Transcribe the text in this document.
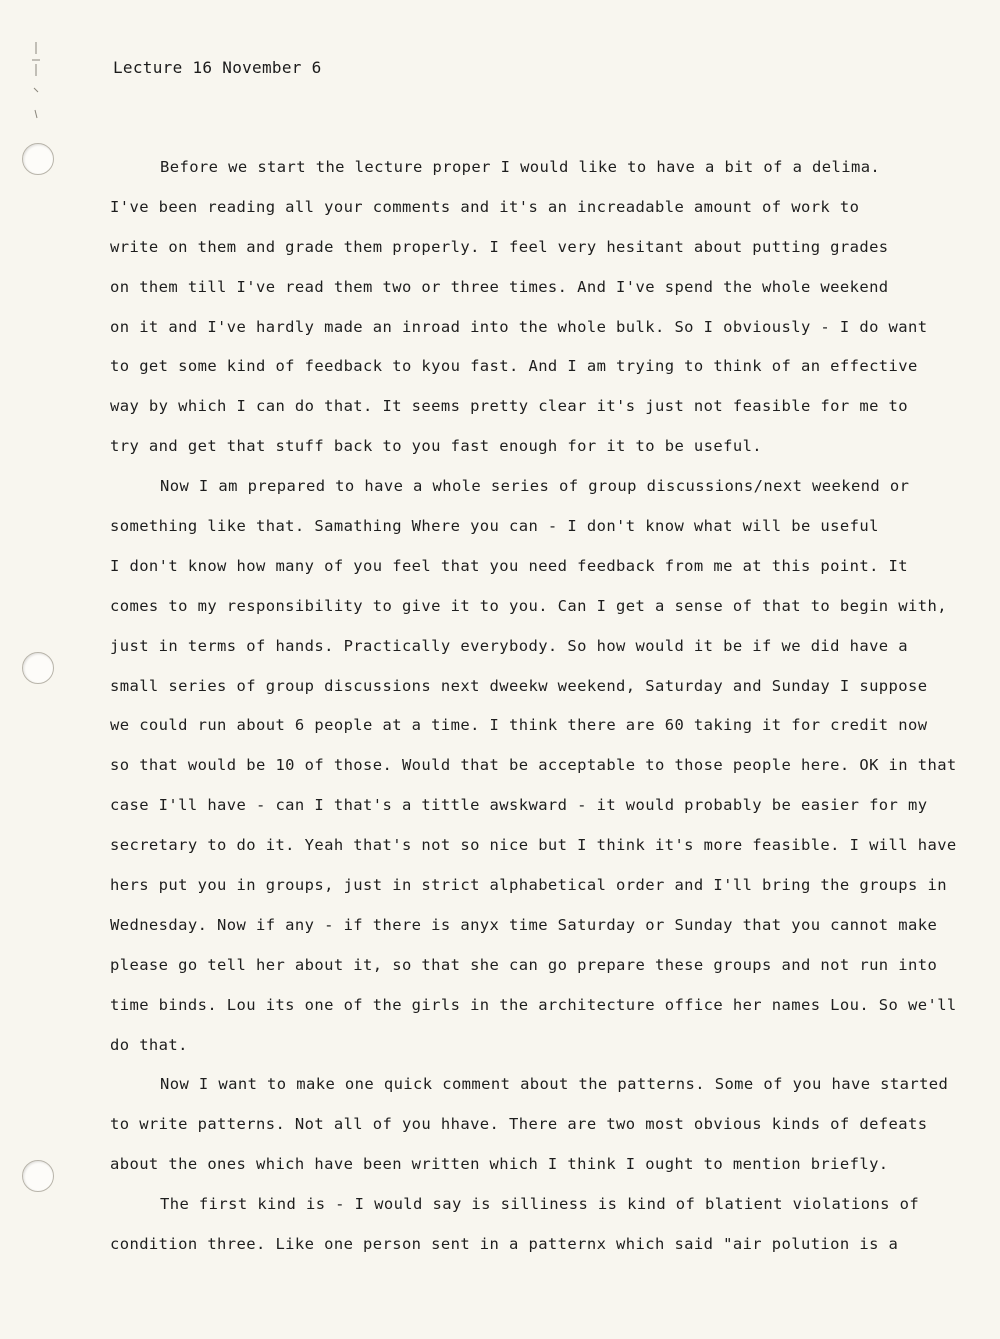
Lecture 16 November 6
Before we start the lecture proper I would like to have a bit of a delima.
I've been reading all your comments and it's an increadable amount of work to
write on them and grade them properly. I feel very hesitant about putting grades
on them till I've read them two or three times. And I've spend the whole weekend
on it and I've hardly made an inroad into the whole bulk. So I obviously - I do want
to get some kind of feedback to kyou fast. And I am trying to think of an effective
way by which I can do that. It seems pretty clear it's just not feasible for me to
try and get that stuff back to you fast enough for it to be useful.
Now I am prepared to have a whole series of group discussions/next weekend or
something like that. Samathing Where you can - I don't know what will be useful
I don't know how many of you feel that you need feedback from me at this point. It
comes to my responsibility to give it to you. Can I get a sense of that to begin with,
just in terms of hands. Practically everybody. So how would it be if we did have a
small series of group discussions next dweekw weekend, Saturday and Sunday I suppose
we could run about 6 people at a time. I think there are 60 taking it for credit now
so that would be 10 of those. Would that be acceptable to those people here. OK in that
case I'll have - can I that's a tittle awskward - it would probably be easier for my
secretary to do it. Yeah that's not so nice but I think it's more feasible. I will have
hers put you in groups, just in strict alphabetical order and I'll bring the groups in
Wednesday. Now if any - if there is anyx time Saturday or Sunday that you cannot make
please go tell her about it, so that she can go prepare these groups and not run into
time binds. Lou its one of the girls in the architecture office her names Lou. So we'll
do that.
Now I want to make one quick comment about the patterns. Some of you have started
to write patterns. Not all of you hhave. There are two most obvious kinds of defeats
about the ones which have been written which I think I ought to mention briefly.
The first kind is - I would say is silliness is kind of blatient violations of
condition three. Like one person sent in a patternx which said "air polution is a
